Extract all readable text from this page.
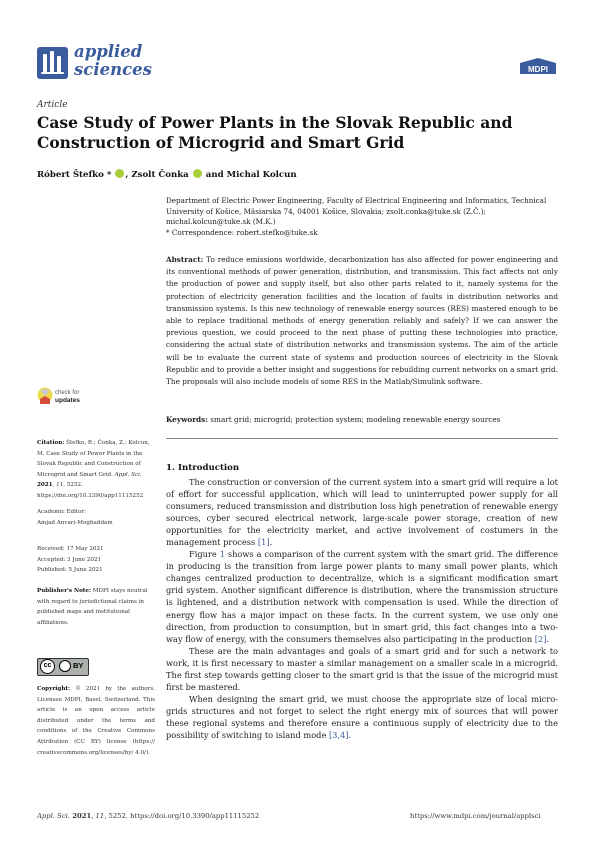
applied
sciences	MDPI
Article
Case Study of Power Plants in the Slovak Republic and Construction of Microgrid and Smart Grid
Róbert Štefko * , Zsolt Čonka  and Michal Kolcun

Department of Electric Power Engineering, Faculty of Electrical Engineering and Informatics, Technical University of Košice, Mäsiarska 74, 04001 Košice, Slovakia; zsolt.conka@tuke.sk (Z.Č.); michal.kolcun@tuke.sk (M.K.)

* Correspondence: robert.stefko@tuke.sk

Abstract: To reduce emissions worldwide, decarbonization has also affected for power engineering and its conventional methods of power generation, distribution, and transmission. This fact affects not only the production of power and supply itself, but also other parts related to it, namely systems for the protection of electricity generation facilities and the location of faults in distribution networks and transmission systems. Is this new technology of renewable energy sources (RES) mastered enough to be able to replace traditional methods of energy generation reliably and safely? If we can answer the previous question, we could proceed to the next phase of putting these technologies into practice, considering the actual state of distribution networks and transmission systems. The aim of the article will be to evaluate the current state of systems and production sources of electricity in the Slovak Republic and to provide a better insight and suggestions for rebuilding current networks on a smart grid. The proposals will also include models of some RES in the Matlab/Simulink software.
Keywords: smart grid; microgrid; protection system; modeling renewable energy sources
check for
updates
Citation: Štefko, R.; Čonka, Z.; Kolcun, M. Case Study of Power Plants in the Slovak Republic and Construction of Microgrid and Smart Grid. Appl. Sci. 2021, 11, 5252. https://doi.org/10.3390/app11115252
Academic Editor:
Amjad Anvari-Moghaddam
Received: 17 May 2021
Accepted: 3 June 2021
Published: 5 June 2021
Publisher's Note: MDPI stays neutral with regard to jurisdictional claims in published maps and institutional affiliations.
cc	BY
Copyright: © 2021 by the authors. Licensee MDPI, Basel, Switzerland. This article is an open access article distributed under the terms and conditions of the Creative Commons Attribution (CC BY) license (https:// creativecommons.org/licenses/by/ 4.0/).
1. Introduction

The construction or conversion of the current system into a smart grid will require a lot of effort for successful application, which will lead to uninterrupted power supply for all consumers, reduced transmission and distribution loss high penetration of renewable energy sources, cyber secured electrical network, large-scale power storage, creation of new opportunities for the electricity market, and active involvement of costumers in the management process [1].

Figure 1 shows a comparison of the current system with the smart grid. The difference in producing is the transition from large power plants to many small power plants, which changes centralized production to decentralize, which is a significant modification smart grid system. Another significant difference is distribution, where the transmission structure is lightened, and a distribution network with compensation is used. While the direction of energy flow has a major impact on these facts. In the current system, we use only one direction, from production to consumption, but in smart grid, this fact changes into a two-way flow of energy, with the consumers themselves also participating in the production [2].

These are the main advantages and goals of a smart grid and for such a network to work, it is first necessary to master a similar management on a smaller scale in a microgrid. The first step towards getting closer to the smart grid is that the issue of the microgrid must first be mastered.

When designing the smart grid, we must choose the appropriate size of local micro-grids structures and not forget to select the right energy mix of sources that will power these regional systems and therefore ensure a continuous supply of electricity due to the possibility of switching to island mode [3,4].

Appl. Sci. 2021, 11, 5252. https://doi.org/10.3390/app11115252	https://www.mdpi.com/journal/applsci
